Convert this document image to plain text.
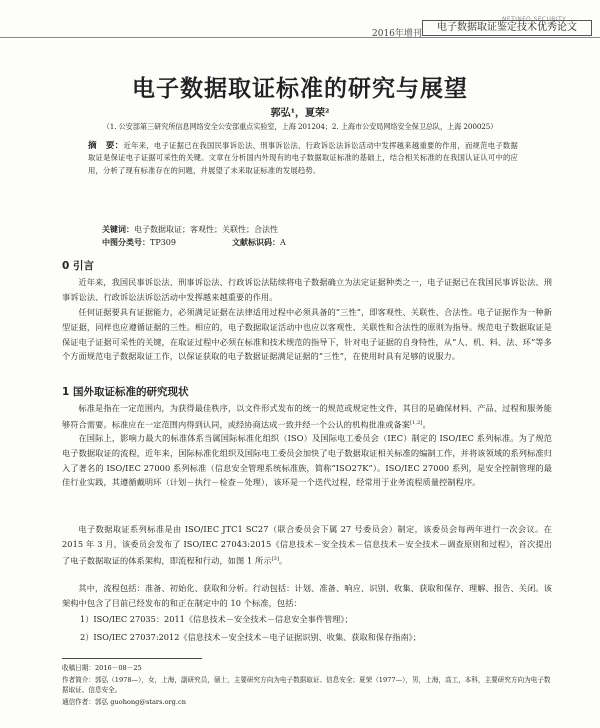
2016年增刊
电子数据取证鉴定技术优秀论文
电子数据取证标准的研究与展望
郭弘¹，夏荣²
（1. 公安部第三研究所信息网络安全公安部重点实验室，上海 201204；2. 上海市公安局网络安全保卫总队，上海 200025）
摘　要：近年来，电子证据已在我国民事诉讼法、刑事诉讼法、行政诉讼法诉讼活动中发挥越来越重要的作用，而规范电子数据取证是保证电子证据可采性的关键。文章在分析国内外现有的电子数据取证标准的基础上，结合相关标准的在我国认证认可中的应用，分析了现有标准存在的问题，并展望了未来取证标准的发展趋势。
关键词：电子数据取证；客观性；关联性；合法性
中图分类号：TP309	文献标识码：A
0 引言
近年来，我国民事诉讼法、刑事诉讼法、行政诉讼法陆续将电子数据确立为法定证据种类之一，电子证据已在我国民事诉讼法、刑事诉讼法、行政诉讼法诉讼活动中发挥越来越重要的作用。
任何证据要具有证据能力，必须满足证据在法律适用过程中必须具备的“三性”，即客观性、关联性、合法性。电子证据作为一种新型证据，同样也应遵循证据的三性。相应的，电子数据取证活动中也应以客观性、关联性和合法性的原则为指导。规范电子数据取证是保证电子证据可采性的关键，在取证过程中必须在标准和技术规范的指导下，针对电子证据的自身特性，从“人、机、料、法、环”等多个方面规范电子数据取证工作，以保证获取的电子数据证据满足证据的“三性”，在使用时具有足够的说服力。
1 国外取证标准的研究现状
标准是指在一定范围内，为获得最佳秩序，以文件形式发布的统一的规范或规定性文件，其目的是确保材料、产品、过程和服务能够符合需要。标准应在一定范围内得到认同，或经协商达成一致并经一个公认的机构批准或备案[1,2]。
在国际上，影响力最大的标准体系当属国际标准化组织（ISO）及国际电工委员会（IEC）制定的 ISO/IEC 系列标准。为了规范电子数据取证的流程，近年来，国际标准化组织及国际电工委员会加快了电子数据取证相关标准的编制工作，并将该领域的系列标准归入了著名的 ISO/IEC 27000 系列标准（信息安全管理系统标准族，简称“ISO27K”）。ISO/IEC 27000 系列，是安全控制管理的最佳行业实践，其遵循戴明环（计划－执行－检查－处理），该环是一个迭代过程，经常用于业务流程质量控制程序。
电子数据取证系列标准是由 ISO/IEC JTC1 SC27（联合委员会下属 27 号委员会）制定，该委员会每两年进行一次会议。在 2015 年 3 月，该委员会发布了 ISO/IEC 27043:2015《信息技术－安全技术－信息技术－安全技术－调查原则和过程》，首次提出了电子数据取证的体系架构，即流程和行动，如图 1 所示[3]。
其中，流程包括：准备、初始化、获取和分析。行动包括：计划、准备、响应、识别、收集、获取和保存、理解、报告、关闭。该架构中包含了目前已经发布的和正在制定中的 10 个标准，包括：
1）ISO/IEC 27035：2011《信息技术－安全技术－信息安全事件管理》；
2）ISO/IEC 27037:2012《信息技术－安全技术－电子证据识别、收集、获取和保存指南》；
收稿日期：2016－08－25
作者简介：郭弘（1978—），女，上海，副研究员，硕士，主要研究方向为电子数据取证、信息安全；夏荣（1977—），男，上海，高工，本科，主要研究方向为电子数据取证、信息安全。
通信作者：郭弘 guohong@stars.org.cn
